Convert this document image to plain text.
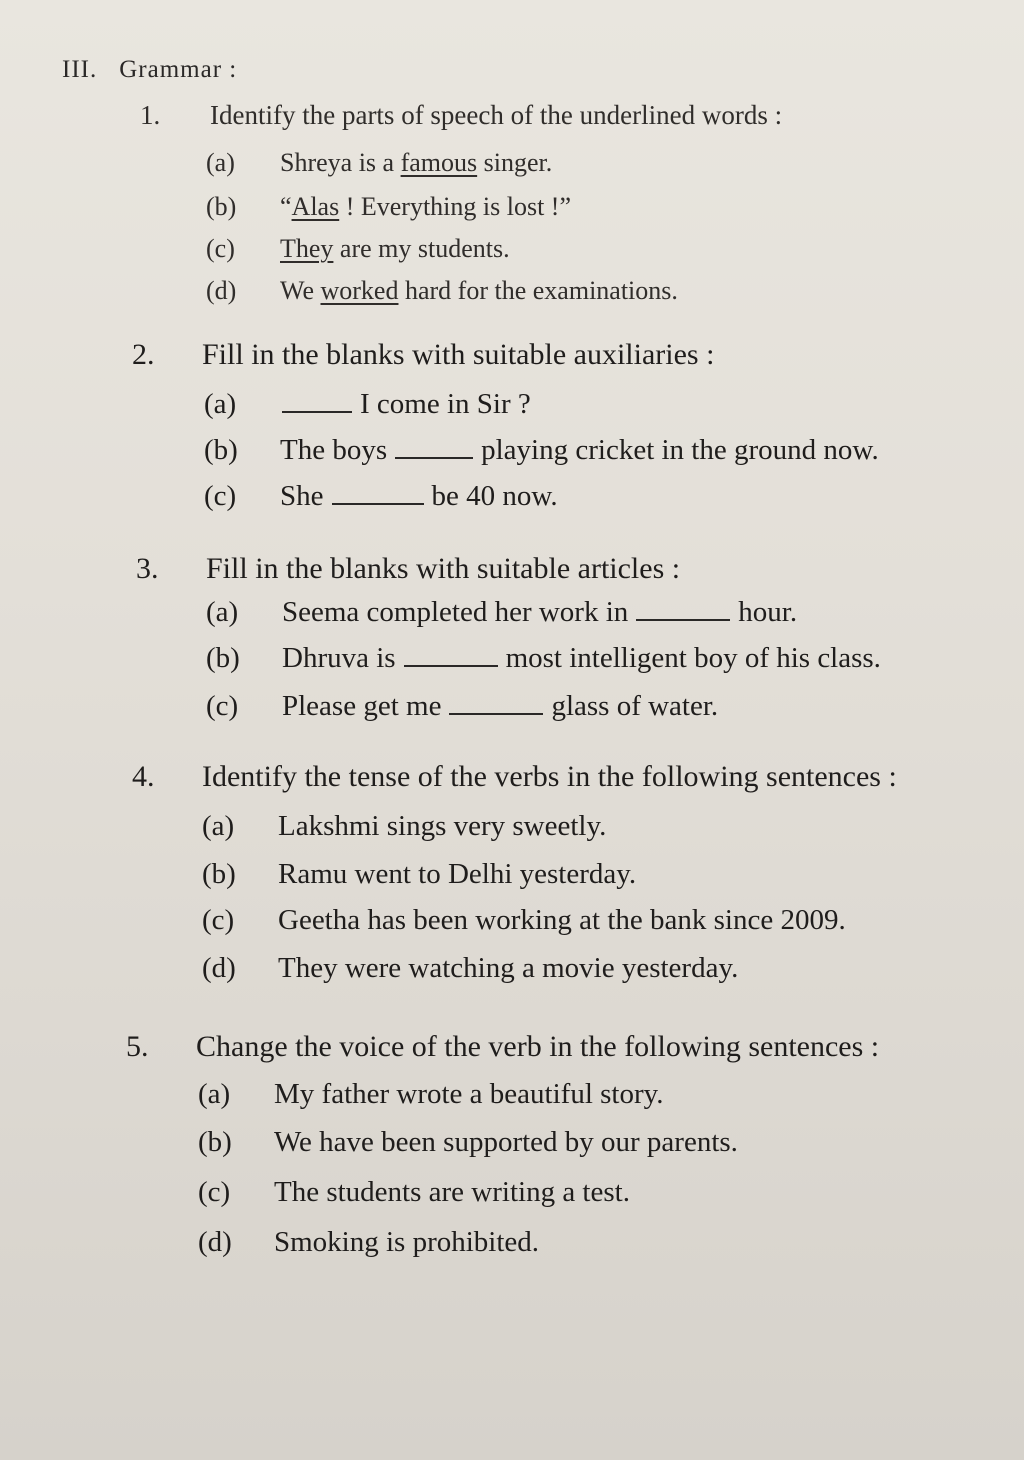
III. Grammar :
1. Identify the parts of speech of the underlined words :
(a) Shreya is a famous singer.
(b) “Alas ! Everything is lost !”
(c) They are my students.
(d) We worked hard for the examinations.
2. Fill in the blanks with suitable auxiliaries :
(a)	I come in Sir ?
(b) The boys	playing cricket in the ground now.
(c) She	be 40 now.
3. Fill in the blanks with suitable articles :
(a) Seema completed her work in	hour.
(b) Dhruva is	most intelligent boy of his class.
(c) Please get me	glass of water.
4. Identify the tense of the verbs in the following sentences :
(a) Lakshmi sings very sweetly.
(b) Ramu went to Delhi yesterday.
(c) Geetha has been working at the bank since 2009.
(d) They were watching a movie yesterday.
5. Change the voice of the verb in the following sentences :
(a) My father wrote a beautiful story.
(b) We have been supported by our parents.
(c) The students are writing a test.
(d) Smoking is prohibited.
